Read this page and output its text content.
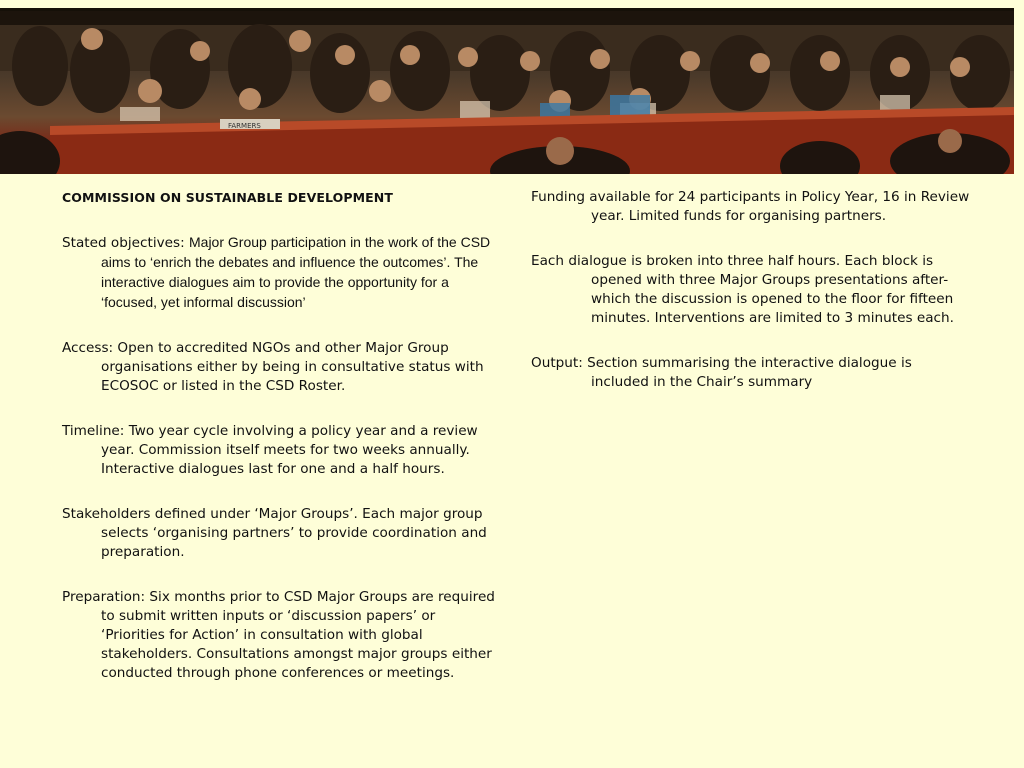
FARMERS

COMMISSION ON SUSTAINABLE DEVELOPMENT

Stated objectives: Major Group participation in the work of the CSD aims to ‘enrich the debates and influence the outcomes’. The interactive dialogues aim to provide the opportunity for a ‘focused, yet informal discussion’

Access: Open to accredited NGOs and other Major Group organisations either by being in consultative status with ECOSOC or listed in the CSD Roster.

Timeline: Two year cycle involving a policy year and a review year. Commission itself meets for two weeks annually. Interactive dialogues last for one and a half hours.

Stakeholders defined under ‘Major Groups’. Each major group selects ‘organising partners’ to provide coordination and preparation.

Preparation: Six months prior to CSD Major Groups are required to submit written inputs or ‘discussion papers’ or ‘Priorities for Action’ in consultation with global stakeholders. Consultations amongst major groups either conducted through phone conferences or meetings.

Funding available for 24 participants in Policy Year, 16 in Review year. Limited funds for organising partners.

Each dialogue is broken into three half hours. Each block is opened with three Major Groups presentations after-which the discussion is opened to the floor for fifteen minutes. Interventions are limited to 3 minutes each.

Output: Section summarising the interactive dialogue is included in the Chair’s summary
